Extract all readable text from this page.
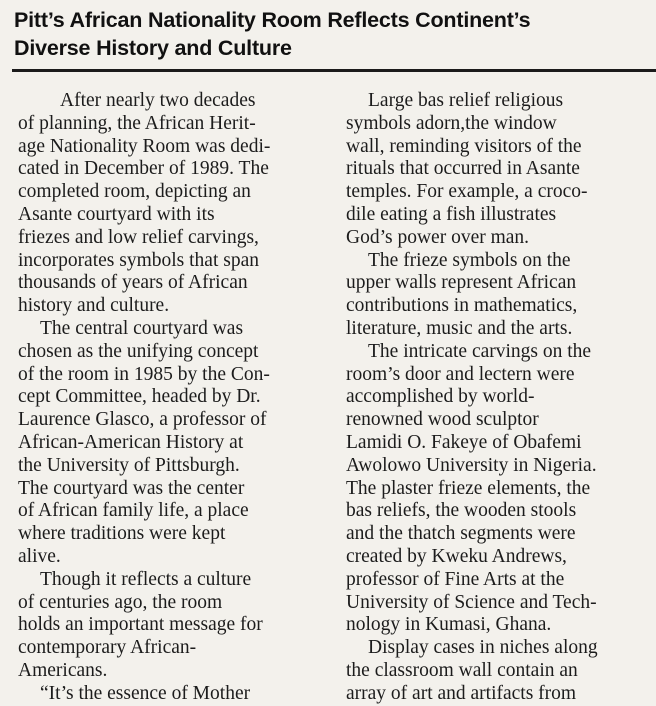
Pitt’s African Nationality Room Reflects Continent’s
Diverse History and Culture
After nearly two decades
of planning, the African Herit-
age Nationality Room was dedi-
cated in December of 1989. The
completed room, depicting an
Asante courtyard with its
friezes and low relief carvings,
incorporates symbols that span
thousands of years of African
history and culture.
The central courtyard was
chosen as the unifying concept
of the room in 1985 by the Con-
cept Committee, headed by Dr.
Laurence Glasco, a professor of
African-American History at
the University of Pittsburgh.
The courtyard was the center
of African family life, a place
where traditions were kept
alive.
Though it reflects a culture
of centuries ago, the room
holds an important message for
contemporary African-
Americans.
“It’s the essence of Mother
Large bas relief religious
symbols adorn,the window
wall, reminding visitors of the
rituals that occurred in Asante
temples. For example, a croco-
dile eating a fish illustrates
God’s power over man.
The frieze symbols on the
upper walls represent African
contributions in mathematics,
literature, music and the arts.
The intricate carvings on the
room’s door and lectern were
accomplished by world-
renowned wood sculptor
Lamidi O. Fakeye of Obafemi
Awolowo University in Nigeria.
The plaster frieze elements, the
bas reliefs, the wooden stools
and the thatch segments were
created by Kweku Andrews,
professor of Fine Arts at the
University of Science and Tech-
nology in Kumasi, Ghana.
Display cases in niches along
the classroom wall contain an
array of art and artifacts from
